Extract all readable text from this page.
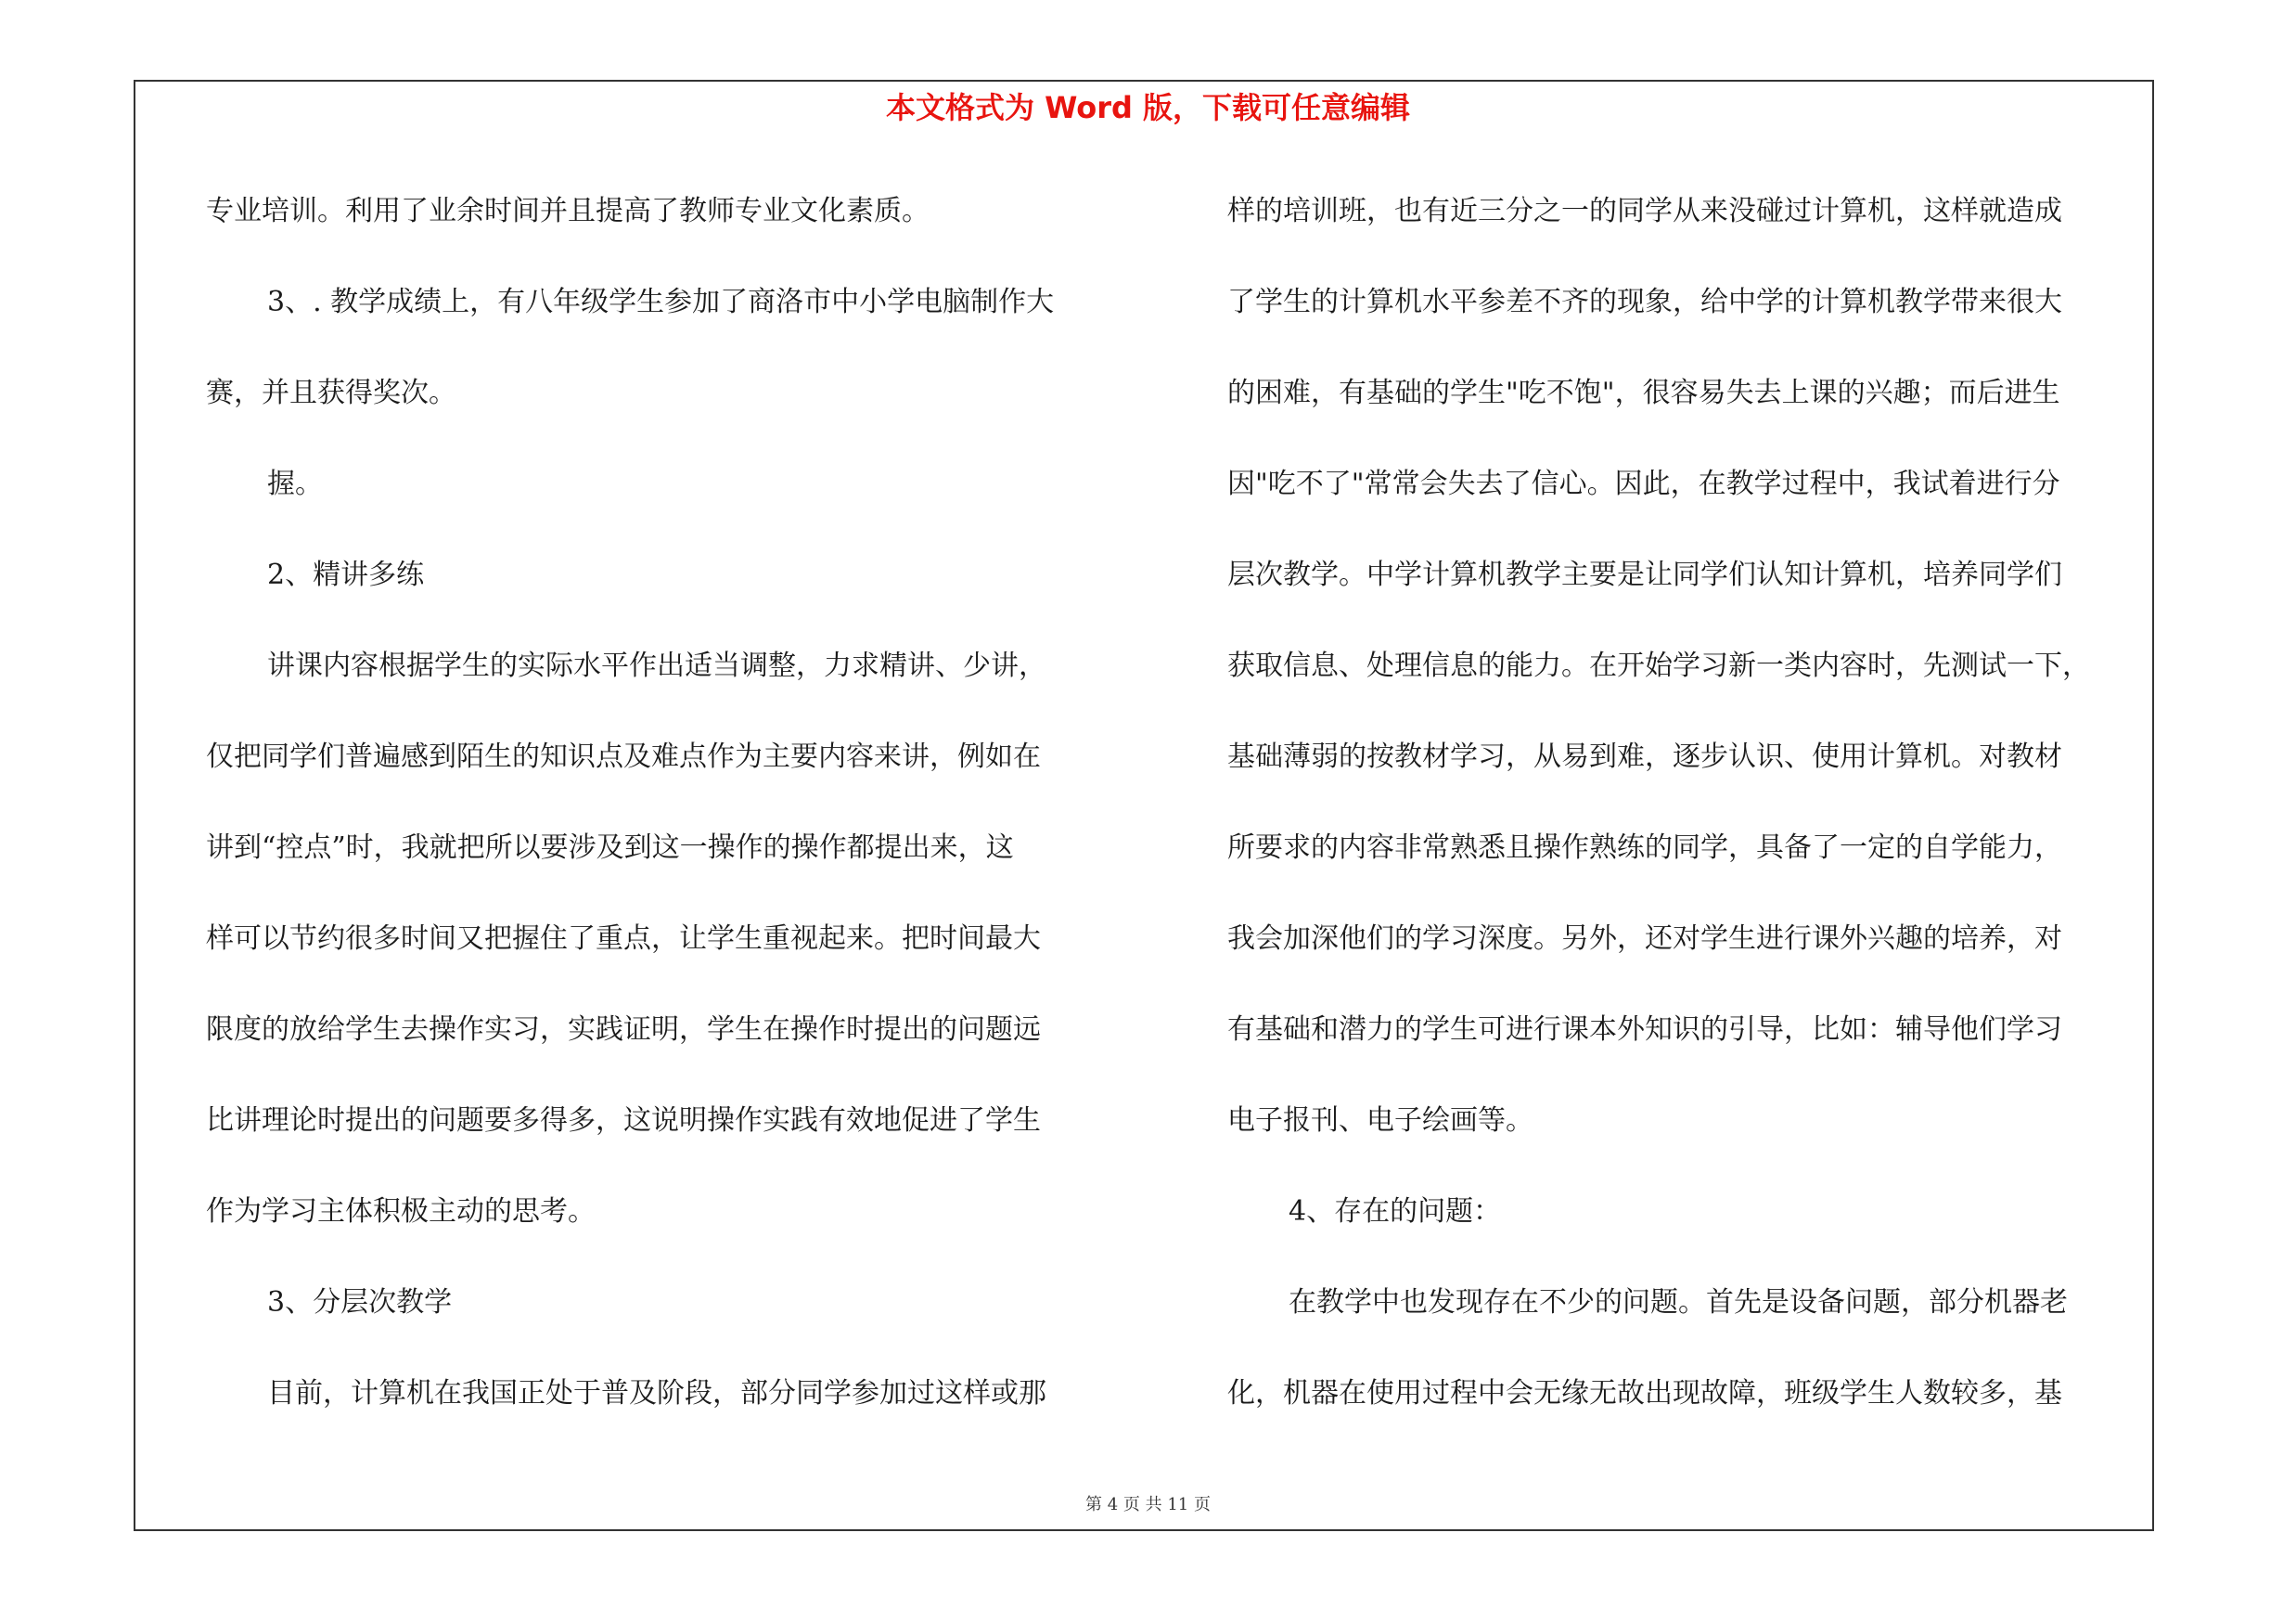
本文格式为 Word 版，下载可任意编辑
专业培训。利用了业余时间并且提高了教师专业文化素质。
3、. 教学成绩上，有八年级学生参加了商洛市中小学电脑制作大
赛，并且获得奖次。
握。
2、精讲多练
讲课内容根据学生的实际水平作出适当调整，力求精讲、少讲，
仅把同学们普遍感到陌生的知识点及难点作为主要内容来讲，例如在
讲到“控点”时，我就把所以要涉及到这一操作的操作都提出来，这
样可以节约很多时间又把握住了重点，让学生重视起来。把时间最大
限度的放给学生去操作实习，实践证明，学生在操作时提出的问题远
比讲理论时提出的问题要多得多，这说明操作实践有效地促进了学生
作为学习主体积极主动的思考。
3、分层次教学
目前，计算机在我国正处于普及阶段，部分同学参加过这样或那
样的培训班，也有近三分之一的同学从来没碰过计算机，这样就造成
了学生的计算机水平参差不齐的现象，给中学的计算机教学带来很大
的困难，有基础的学生"吃不饱"，很容易失去上课的兴趣；而后进生
因"吃不了"常常会失去了信心。因此，在教学过程中，我试着进行分
层次教学。中学计算机教学主要是让同学们认知计算机，培养同学们
获取信息、处理信息的能力。在开始学习新一类内容时，先测试一下，
基础薄弱的按教材学习，从易到难，逐步认识、使用计算机。对教材
所要求的内容非常熟悉且操作熟练的同学，具备了一定的自学能力，
我会加深他们的学习深度。另外，还对学生进行课外兴趣的培养，对
有基础和潜力的学生可进行课本外知识的引导，比如：辅导他们学习
电子报刊、电子绘画等。
4、存在的问题：
在教学中也发现存在不少的问题。首先是设备问题，部分机器老
化，机器在使用过程中会无缘无故出现故障，班级学生人数较多，基
第 4 页 共 11 页
